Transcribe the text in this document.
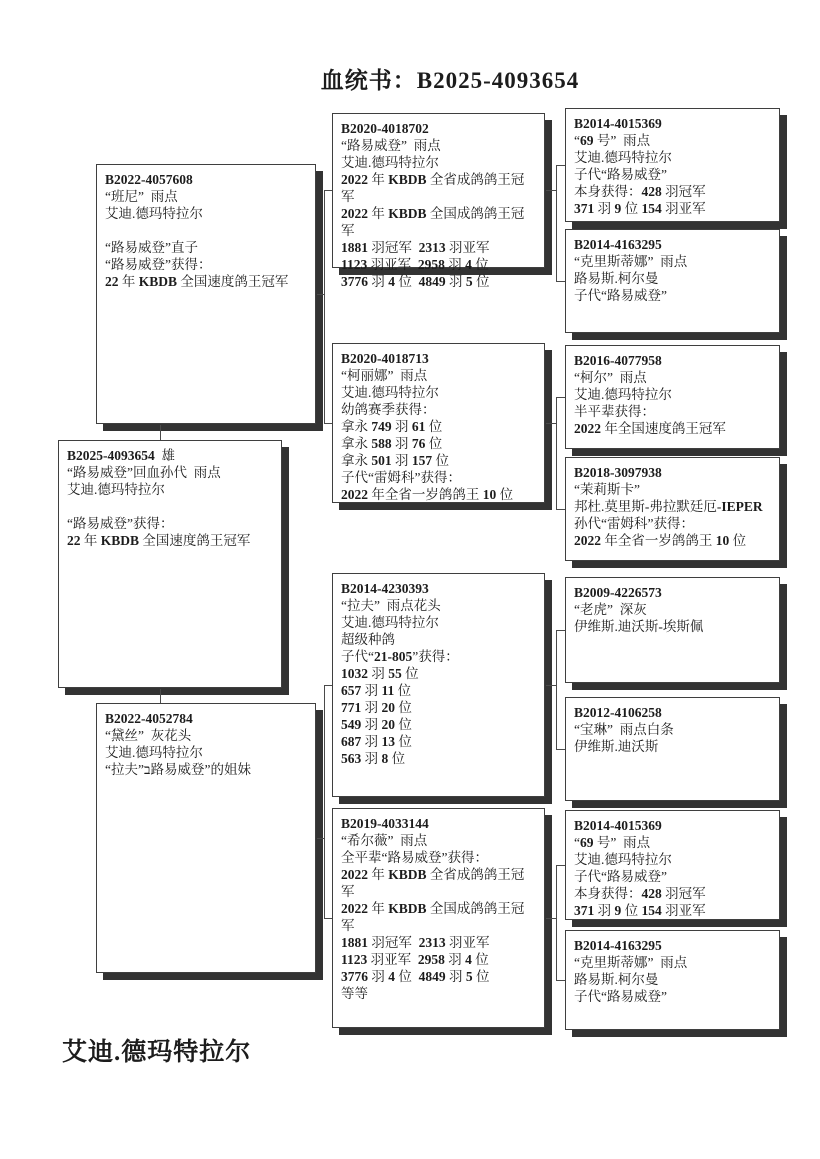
血统书：B2025-4093654
B2022-4057608
“班尼”  雨点
艾迪.德玛特拉尔

“路易威登”直子
“路易威登”获得：
22 年 KBDB 全国速度鸽王冠军
B2025-4093654  雄
“路易威登”回血孙代  雨点
艾迪.德玛特拉尔

“路易威登”获得：
22 年 KBDB 全国速度鸽王冠军
B2022-4052784
“黛丝”  灰花头
艾迪.德玛特拉尔
“拉夫”ב路易威登”的姐妹
B2020-4018702
“路易威登”  雨点
艾迪.德玛特拉尔
2022 年 KBDB 全省成鸽鸽王冠军
2022 年 KBDB 全国成鸽鸽王冠军
1881 羽冠军  2313 羽亚军
1123 羽亚军  2958 羽 4 位
3776 羽 4 位  4849 羽 5 位
B2020-4018713
“柯丽娜”  雨点
艾迪.德玛特拉尔
幼鸽赛季获得：
拿永 749 羽 61 位
拿永 588 羽 76 位
拿永 501 羽 157 位
子代“雷姆科”获得：
2022 年全省一岁鸽鸽王 10 位
B2014-4230393
“拉夫”  雨点花头
艾迪.德玛特拉尔
超级种鸽
子代“21-805”获得：
1032 羽 55 位
657 羽 11 位
771 羽 20 位
549 羽 20 位
687 羽 13 位
563 羽 8 位
B2019-4033144
“希尔薇”  雨点
全平辈“路易威登”获得：
2022 年 KBDB 全省成鸽鸽王冠军
2022 年 KBDB 全国成鸽鸽王冠军
1881 羽冠军  2313 羽亚军
1123 羽亚军  2958 羽 4 位
3776 羽 4 位  4849 羽 5 位
等等
B2014-4015369
“69 号”  雨点
艾迪.德玛特拉尔
子代“路易威登”
本身获得：428 羽冠军
371 羽 9 位 154 羽亚军
B2014-4163295
“克里斯蒂娜”  雨点
路易斯.柯尔曼
子代“路易威登”
B2016-4077958
“柯尔”  雨点
艾迪.德玛特拉尔
半平辈获得：
2022 年全国速度鸽王冠军
B2018-3097938
“茉莉斯卡”
邦杜.莫里斯-弗拉默廷厄-IEPER
孙代“雷姆科”获得：
2022 年全省一岁鸽鸽王 10 位
B2009-4226573
“老虎”  深灰
伊维斯.迪沃斯-埃斯佩
B2012-4106258
“宝琳”  雨点白条
伊维斯.迪沃斯
B2014-4015369
“69 号”  雨点
艾迪.德玛特拉尔
子代“路易威登”
本身获得：428 羽冠军
371 羽 9 位 154 羽亚军
B2014-4163295
“克里斯蒂娜”  雨点
路易斯.柯尔曼
子代“路易威登”
艾迪.德玛特拉尔
